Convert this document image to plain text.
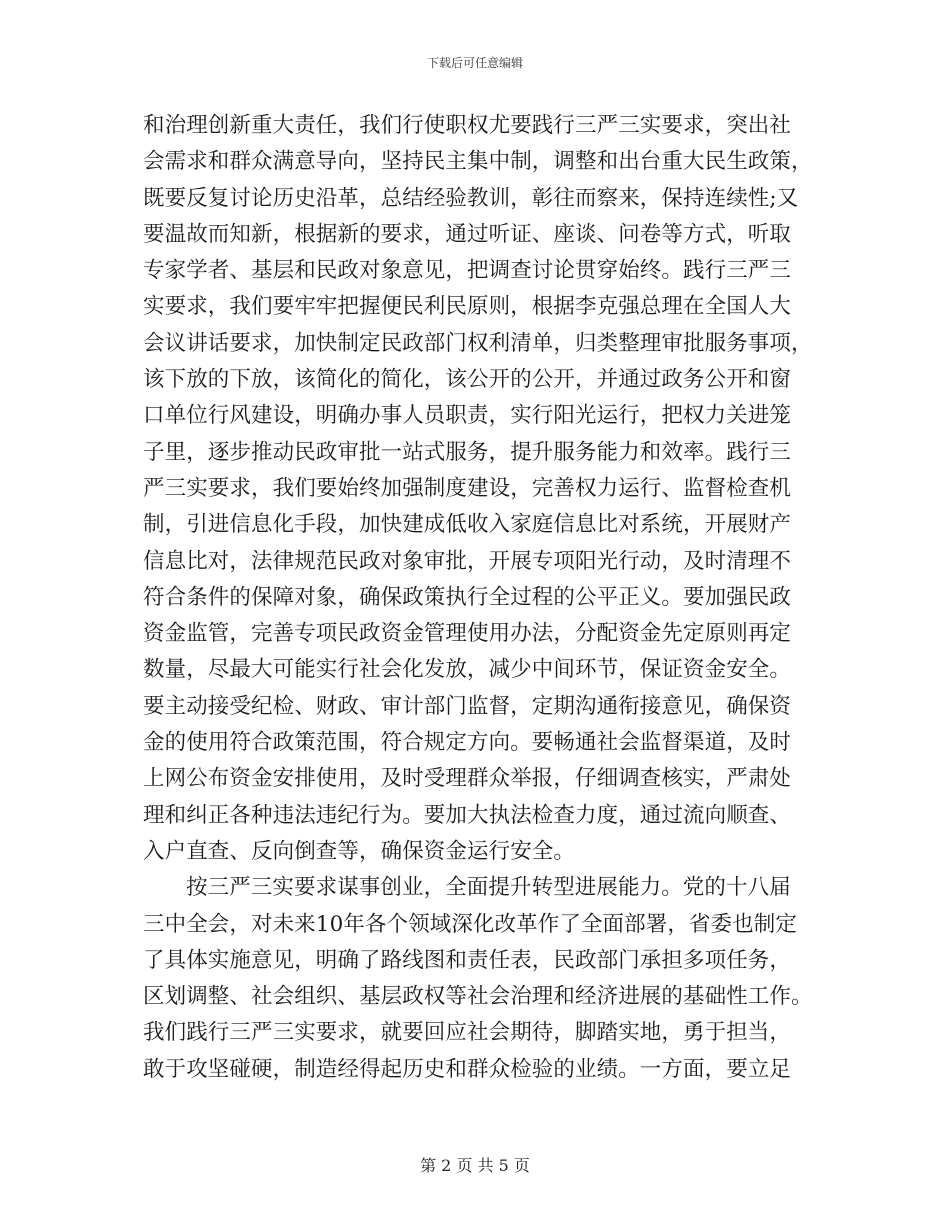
下载后可任意编辑
和治理创新重大责任，我们行使职权尤要践行三严三实要求，突出社
会需求和群众满意导向，坚持民主集中制，调整和出台重大民生政策，
既要反复讨论历史沿革，总结经验教训，彰往而察来，保持连续性;又
要温故而知新，根据新的要求，通过听证、座谈、问卷等方式，听取
专家学者、基层和民政对象意见，把调查讨论贯穿始终。践行三严三
实要求，我们要牢牢把握便民利民原则，根据李克强总理在全国人大
会议讲话要求，加快制定民政部门权利清单，归类整理审批服务事项，
该下放的下放，该简化的简化，该公开的公开，并通过政务公开和窗
口单位行风建设，明确办事人员职责，实行阳光运行，把权力关进笼
子里，逐步推动民政审批一站式服务，提升服务能力和效率。践行三
严三实要求，我们要始终加强制度建设，完善权力运行、监督检查机
制，引进信息化手段，加快建成低收入家庭信息比对系统，开展财产
信息比对，法律规范民政对象审批，开展专项阳光行动，及时清理不
符合条件的保障对象，确保政策执行全过程的公平正义。要加强民政
资金监管，完善专项民政资金管理使用办法，分配资金先定原则再定
数量，尽最大可能实行社会化发放，减少中间环节，保证资金安全。
要主动接受纪检、财政、审计部门监督，定期沟通衔接意见，确保资
金的使用符合政策范围，符合规定方向。要畅通社会监督渠道，及时
上网公布资金安排使用，及时受理群众举报，仔细调查核实，严肃处
理和纠正各种违法违纪行为。要加大执法检查力度，通过流向顺查、
入户直查、反向倒查等，确保资金运行安全。
按三严三实要求谋事创业，全面提升转型进展能力。党的十八届
三中全会，对未来10年各个领域深化改革作了全面部署，省委也制定
了具体实施意见，明确了路线图和责任表，民政部门承担多项任务，
区划调整、社会组织、基层政权等社会治理和经济进展的基础性工作。
我们践行三严三实要求，就要回应社会期待，脚踏实地，勇于担当，
敢于攻坚碰硬，制造经得起历史和群众检验的业绩。一方面，要立足
第 2 页 共 5 页
